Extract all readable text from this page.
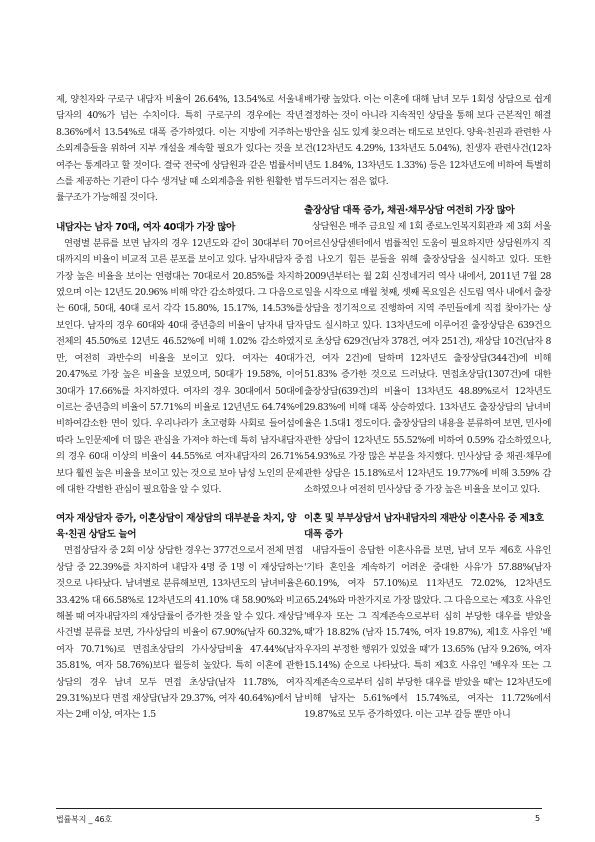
제, 양친자와 구로구 내담자 비율이 26.64%, 13.54%로 서울내담자의 40%가 넘는 수치이다. 특히 구로구의 경우에는 작년 8.36%에서 13.54%로 대폭 증가하였다. 이는 지방에 거주하는 소외계층들을 위하여 지부 개설을 계속할 필요가 있다는 것을 보여주는 통계라고 할 것이다. 결국 전국에 상담원과 같은 법률서비스를 제공하는 기관이 다수 생겨날 때 소외계층을 위한 원활한 법률구조가 가능해질 것이다.

내담자는 남자 70대, 여자 40대가 가장 많아

연령별 분류를 보면 남자의 경우 12년도와 같이 30대부터 70대까지의 비율이 비교적 고른 분포를 보이고 있다. 남자내담자 중 가장 높은 비율을 보이는 연령대는 70대로서 20.85%를 차지하였으며 이는 12년도 20.96% 비해 약간 감소하였다. 그 다음으로는 60대, 50대, 40대 로서 각각 15.80%, 15.17%, 14.53%를 보인다. 남자의 경우 60대와 40대 중년층의 비율이 남자내 담자 전체의 45.50%로 12년도 46.52%에 비해 1.02% 감소하였지만, 여전히 과반수의 비율을 보이고 있다. 여자는 40대가 20.47%로 가장 높은 비율을 보였으며, 50대가 19.58%, 이어 30대가 17.66%를 차지하였다. 여자의 경우 30대에서 50대에 이르는 중년층의 비율이 57.71%의 비율로 12년년도 64.74%에 비하여감소한 면이 있다. 우리나라가 초고령화 사회로 들어섬에 따라 노인문제에 더 많은 관심을 가져야 하는데 특히 남자내담자의 경우 60대 이상의 비율이 44.55%로 여자내담자의 26.71%보다 훨씬 높은 비율을 보이고 있는 것으로 보아 남성 노인의 문제에 대한 각별한 관심이 필요함을 알 수 있다.

여자 재상담자 증가, 이혼상담이 재상담의 대부분을 차지, 양육·친권 상담도 늘어

면접상담자 중 2회 이상 상담한 경우는 377건으로서 전체 면접상담 중 22.39%를 차지하여 내담자 4명 중 1명 이 재상담하는 것으로 나타났다. 남녀별로 분류해보면, 13차년도의 남녀비율은 33.42% 대 66.58%로 12차년도의 41.10% 대 58.90%와 비교해볼 때 여자내담자의 재상담률이 증가한 것을 알 수 있다. 재상담 사건별 분류를 보면, 가사상담의 비율이 67.90%(남자 60.32%, 여자 70.71%)로 면접초상담의 가사상담비율 47.44%(남자 35.81%, 여자 58.76%)보다 월등히 높았다. 특히 이혼에 관한 상담의 경우 남녀 모두 면접 초상담(남자 11.78%, 여자 29.31%)보다 면접 재상담(남자 29.37%, 여자 40.64%)에서 남자는 2배 이상, 여자는 1.5

배가량 높았다. 이는 이혼에 대해 남녀 모두 1회성 상담으로 쉽게 결정하는 것이 아니라 지속적인 상담을 통해 보다 근본적인 해결방안을 심도 있게 찾으려는 태도로 보인다. 양육·친권과 관련한 사건(12차년도 4.29%, 13차년도 5.04%), 친생자 관련사건(12차년도 1.84%, 13차년도 1.33%) 등은 12차년도에 비하여 특별히 두드러지는 점은 없다.

출장상담 대폭 증가, 채권·채무상담 여전히 가장 많아

상담원은 매주 금요일 제 1회 종로노인복지회관과 제 3회 서울어르신상담센터에서 법률적인 도움이 필요하지만 상담원까지 직접 나오기 힘든 분들을 위해 출장상담을 실시하고 있다. 또한 2009년부터는 월 2회 신정네거리 역사 내에서, 2011년 7월 28일을 시작으로 매월 첫째, 셋째 목요일은 신도림 역사 내에서 출장상담을 정기적으로 진행하여 지역 주민들에게 직접 찾아가는 상담도 실시하고 있다. 13차년도에 이루어진 출장상담은 639건으로 초상담 629건(남자 378건, 여자 251건), 재상담 10건(남자 8건, 여자 2건)에 달하며 12차년도 출장상담(344건)에 비해 51.83% 증가한 것으로 드러났다. 면접초상담(1307건)에 대한 출장상담(639건)의 비율이 13차년도 48.89%로서 12차년도 29.83%에 비해 대폭 상승하였다. 13차년도 출장상담의 남녀비율은 1.5대1 정도이다. 출장상담의 내용을 분류하여 보면, 민사에 관한 상담이 12차년도 55.52%에 비하여 0.59% 감소하였으나, 54.93%로 가장 많은 부분을 차지했다. 민사상담 중 채권·채무에 관한 상담은 15.18%로서 12차년도 19.77%에 비해 3.59% 감소하였으나 여전히 민사상담 중 가장 높은 비율을 보이고 있다.

이혼 및 부부상담서 남자내담자의 재판상 이혼사유 중 제3호 대폭 증가

내담자들이 응답한 이혼사유를 보면, 남녀 모두 제6호 사유인 '기타 혼인을 계속하기 어려운 중대한 사유'가 57.88%(남자60.19%, 여자 57.10%)로 11차년도 72.02%, 12차년도 65.24%와 마찬가지로 가장 많았다. 그 다음으로는 제3호 사유인 '배우자 또는 그 직계존속으로부터 심히 부당한 대우를 받았을 때'가 18.82% (남자 15.74%, 여자 19.87%), 제1호 사유인 '배우자의 부정한 행위가 있었을 때'가 13.65% (남자 9.26%, 여자 15.14%) 순으로 나타났다. 특히 제3호 사유인 '배우자 또는 그 직계존속으로부터 심히 부당한 대우를 받았을 때'는 12차년도에 비해 남자는 5.61%에서 15.74%로, 여자는 11.72%에서 19.87%로 모두 증가하였다. 이는 고부 갈등 뿐만 아니

법률복지 _ 46호	5
